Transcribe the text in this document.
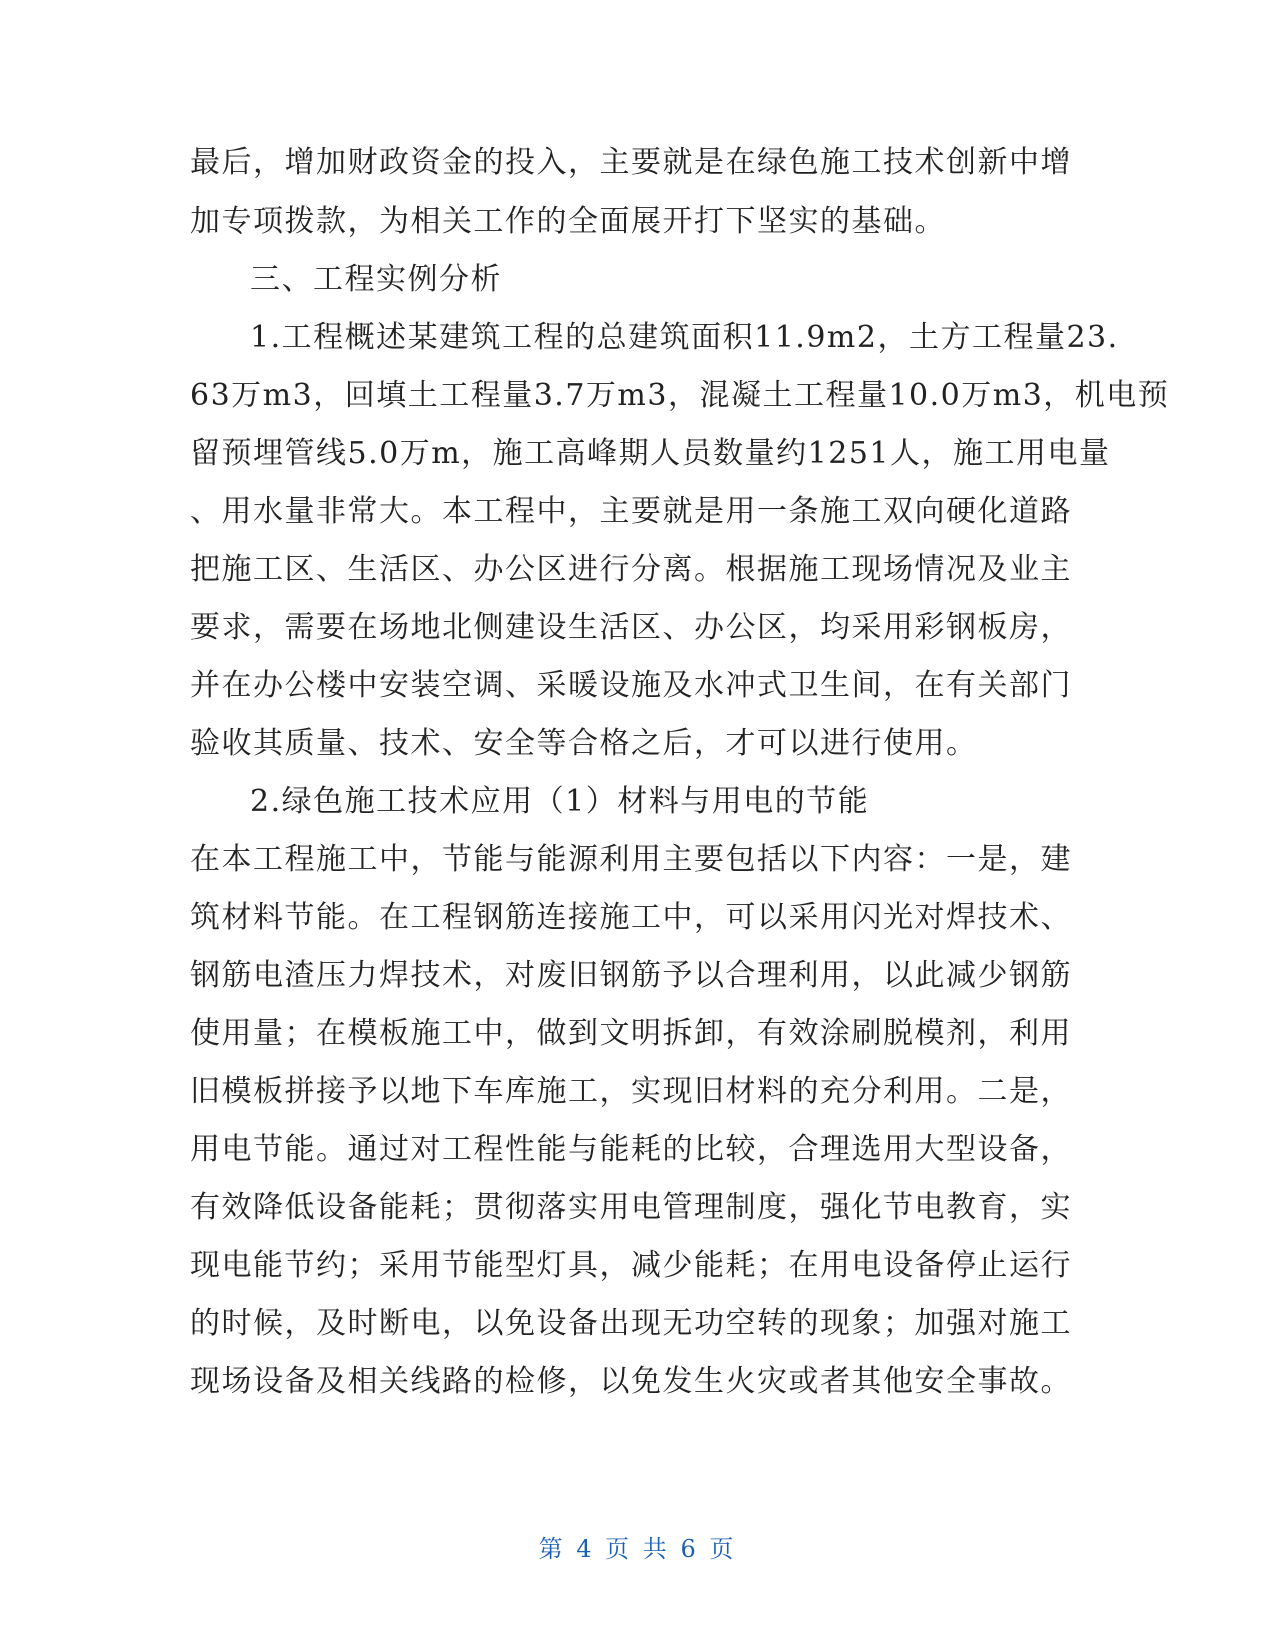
最后，增加财政资金的投入，主要就是在绿色施工技术创新中增
加专项拨款，为相关工作的全面展开打下坚实的基础。
三、工程实例分析
1.工程概述某建筑工程的总建筑面积11.9m2，土方工程量23.
63万m3，回填土工程量3.7万m3，混凝土工程量10.0万m3，机电预
留预埋管线5.0万m，施工高峰期人员数量约1251人，施工用电量
、用水量非常大。本工程中，主要就是用一条施工双向硬化道路
把施工区、生活区、办公区进行分离。根据施工现场情况及业主
要求，需要在场地北侧建设生活区、办公区，均采用彩钢板房，
并在办公楼中安装空调、采暖设施及水冲式卫生间，在有关部门
验收其质量、技术、安全等合格之后，才可以进行使用。
2.绿色施工技术应用（1）材料与用电的节能
在本工程施工中，节能与能源利用主要包括以下内容：一是，建
筑材料节能。在工程钢筋连接施工中，可以采用闪光对焊技术、
钢筋电渣压力焊技术，对废旧钢筋予以合理利用，以此减少钢筋
使用量；在模板施工中，做到文明拆卸，有效涂刷脱模剂，利用
旧模板拼接予以地下车库施工，实现旧材料的充分利用。二是，
用电节能。通过对工程性能与能耗的比较，合理选用大型设备，
有效降低设备能耗；贯彻落实用电管理制度，强化节电教育，实
现电能节约；采用节能型灯具，减少能耗；在用电设备停止运行
的时候，及时断电，以免设备出现无功空转的现象；加强对施工
现场设备及相关线路的检修，以免发生火灾或者其他安全事故。
第 4 页 共 6 页
